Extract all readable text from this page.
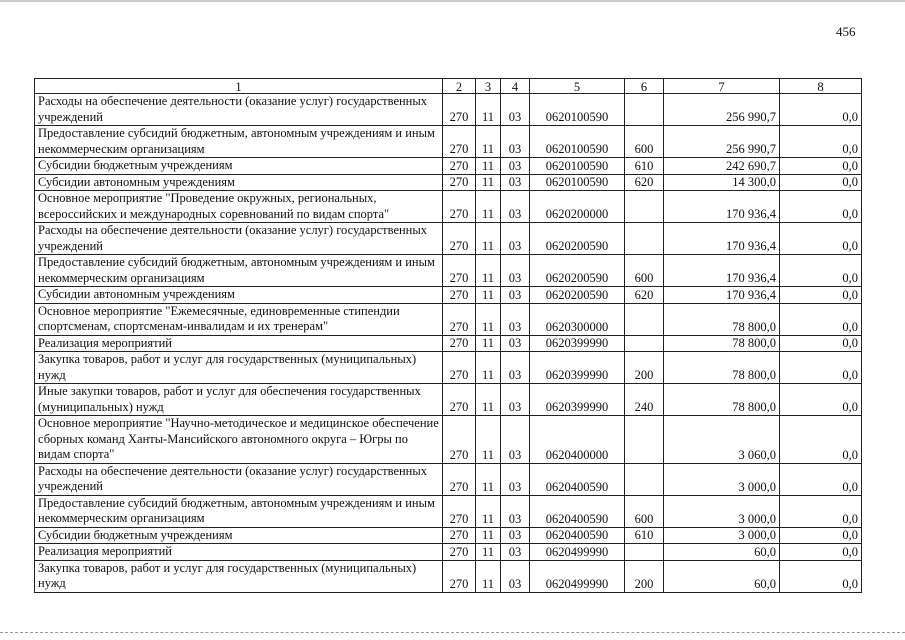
456
1	2	3	4	5	6	7	8
Расходы на обеспечение деятельности (оказание услуг) государственных учреждений	270	11	03	0620100590		256 990,7	0,0
Предоставление субсидий бюджетным, автономным учреждениям и иным некоммерческим организациям	270	11	03	0620100590	600	256 990,7	0,0
Субсидии бюджетным учреждениям	270	11	03	0620100590	610	242 690,7	0,0
Субсидии автономным учреждениям	270	11	03	0620100590	620	14 300,0	0,0
Основное мероприятие "Проведение окружных, региональных, всероссийских и международных соревнований по видам спорта"	270	11	03	0620200000		170 936,4	0,0
Расходы на обеспечение деятельности (оказание услуг) государственных учреждений	270	11	03	0620200590		170 936,4	0,0
Предоставление субсидий бюджетным, автономным учреждениям и иным некоммерческим организациям	270	11	03	0620200590	600	170 936,4	0,0
Субсидии автономным учреждениям	270	11	03	0620200590	620	170 936,4	0,0
Основное мероприятие "Ежемесячные, единовременные стипендии спортсменам, спортсменам-инвалидам и их тренерам"	270	11	03	0620300000		78 800,0	0,0
Реализация мероприятий	270	11	03	0620399990		78 800,0	0,0
Закупка товаров, работ и услуг для государственных (муниципальных) нужд	270	11	03	0620399990	200	78 800,0	0,0
Иные закупки товаров, работ и услуг для обеспечения государственных (муниципальных) нужд	270	11	03	0620399990	240	78 800,0	0,0
Основное мероприятие "Научно-методическое и медицинское обеспечение сборных команд Ханты-Мансийского автономного округа – Югры по видам спорта"	270	11	03	0620400000		3 060,0	0,0
Расходы на обеспечение деятельности (оказание услуг) государственных учреждений	270	11	03	0620400590		3 000,0	0,0
Предоставление субсидий бюджетным, автономным учреждениям и иным некоммерческим организациям	270	11	03	0620400590	600	3 000,0	0,0
Субсидии бюджетным учреждениям	270	11	03	0620400590	610	3 000,0	0,0
Реализация мероприятий	270	11	03	0620499990		60,0	0,0
Закупка товаров, работ и услуг для государственных (муниципальных) нужд	270	11	03	0620499990	200	60,0	0,0
